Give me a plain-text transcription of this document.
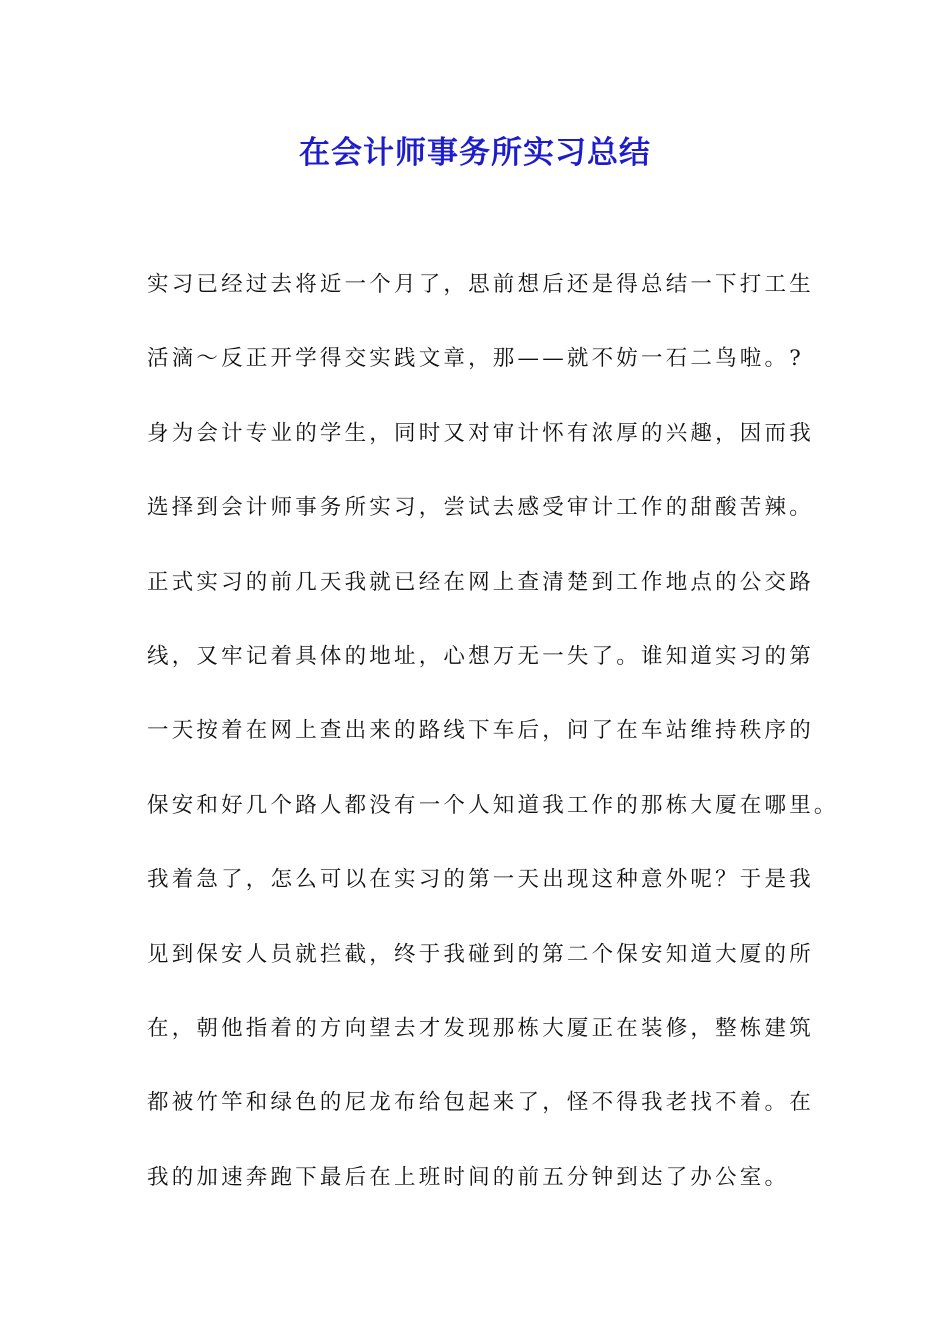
在会计师事务所实习总结
实习已经过去将近一个月了，思前想后还是得总结一下打工生
活滴～反正开学得交实践文章，那——就不妨一石二鸟啦。?
身为会计专业的学生，同时又对审计怀有浓厚的兴趣，因而我
选择到会计师事务所实习，尝试去感受审计工作的甜酸苦辣。
正式实习的前几天我就已经在网上查清楚到工作地点的公交路
线，又牢记着具体的地址，心想万无一失了。谁知道实习的第
一天按着在网上查出来的路线下车后，问了在车站维持秩序的
保安和好几个路人都没有一个人知道我工作的那栋大厦在哪里。
我着急了，怎么可以在实习的第一天出现这种意外呢？于是我
见到保安人员就拦截，终于我碰到的第二个保安知道大厦的所
在，朝他指着的方向望去才发现那栋大厦正在装修，整栋建筑
都被竹竿和绿色的尼龙布给包起来了，怪不得我老找不着。在
我的加速奔跑下最后在上班时间的前五分钟到达了办公室。
